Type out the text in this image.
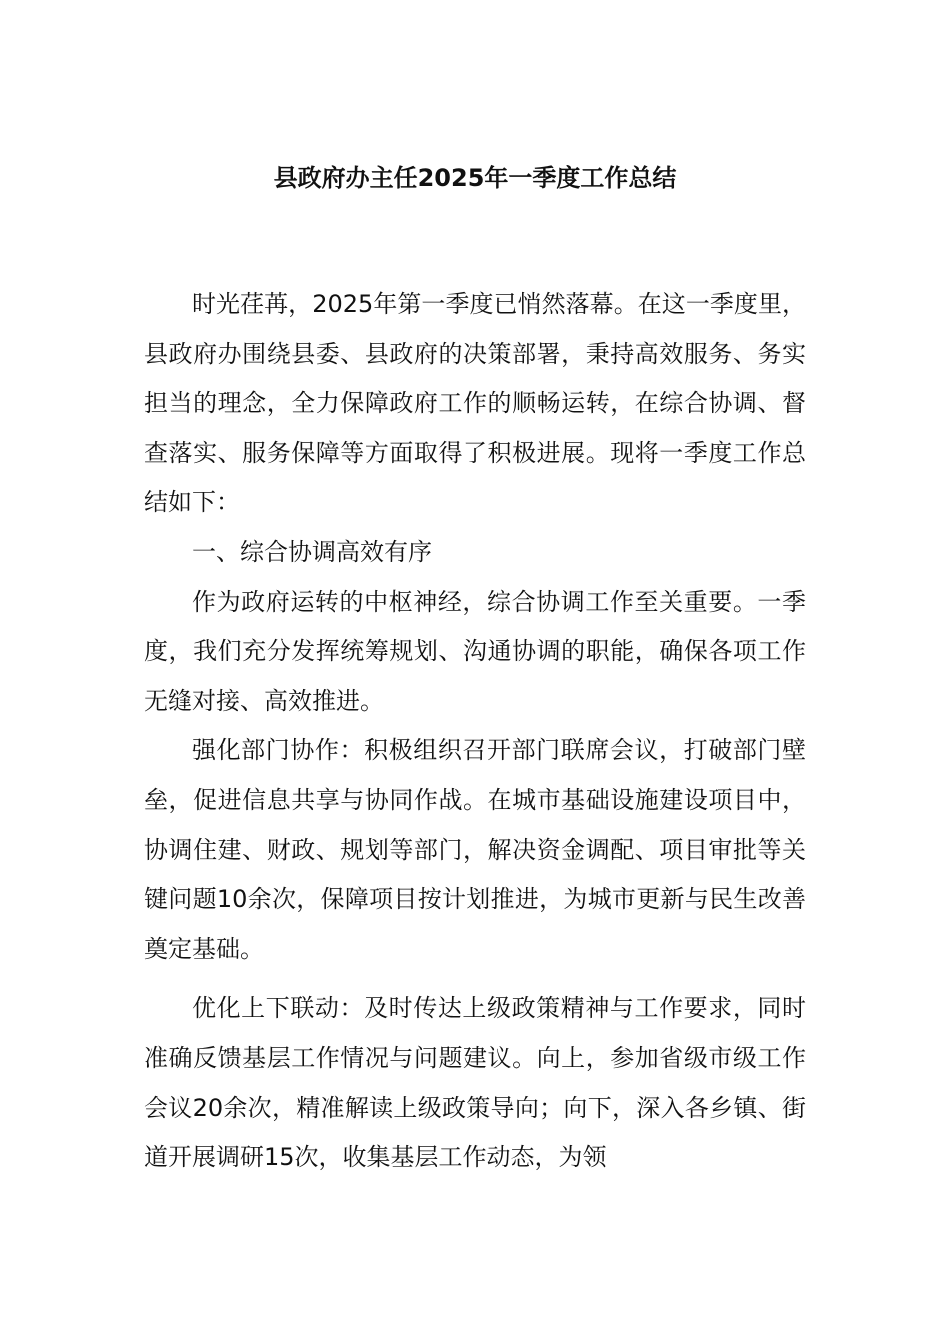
县政府办主任2025年一季度工作总结

时光荏苒，2025年第一季度已悄然落幕。在这一季度里，县政府办围绕县委、县政府的决策部署，秉持高效服务、务实担当的理念，全力保障政府工作的顺畅运转，在综合协调、督查落实、服务保障等方面取得了积极进展。现将一季度工作总结如下：

一、综合协调高效有序

作为政府运转的中枢神经，综合协调工作至关重要。一季度，我们充分发挥统筹规划、沟通协调的职能，确保各项工作无缝对接、高效推进。

强化部门协作：积极组织召开部门联席会议，打破部门壁垒，促进信息共享与协同作战。在城市基础设施建设项目中，协调住建、财政、规划等部门，解决资金调配、项目审批等关键问题10余次，保障项目按计划推进，为城市更新与民生改善奠定基础。

优化上下联动：及时传达上级政策精神与工作要求，同时准确反馈基层工作情况与问题建议。向上，参加省级市级工作会议20余次，精准解读上级政策导向；向下，深入各乡镇、街道开展调研15次，收集基层工作动态，为领
